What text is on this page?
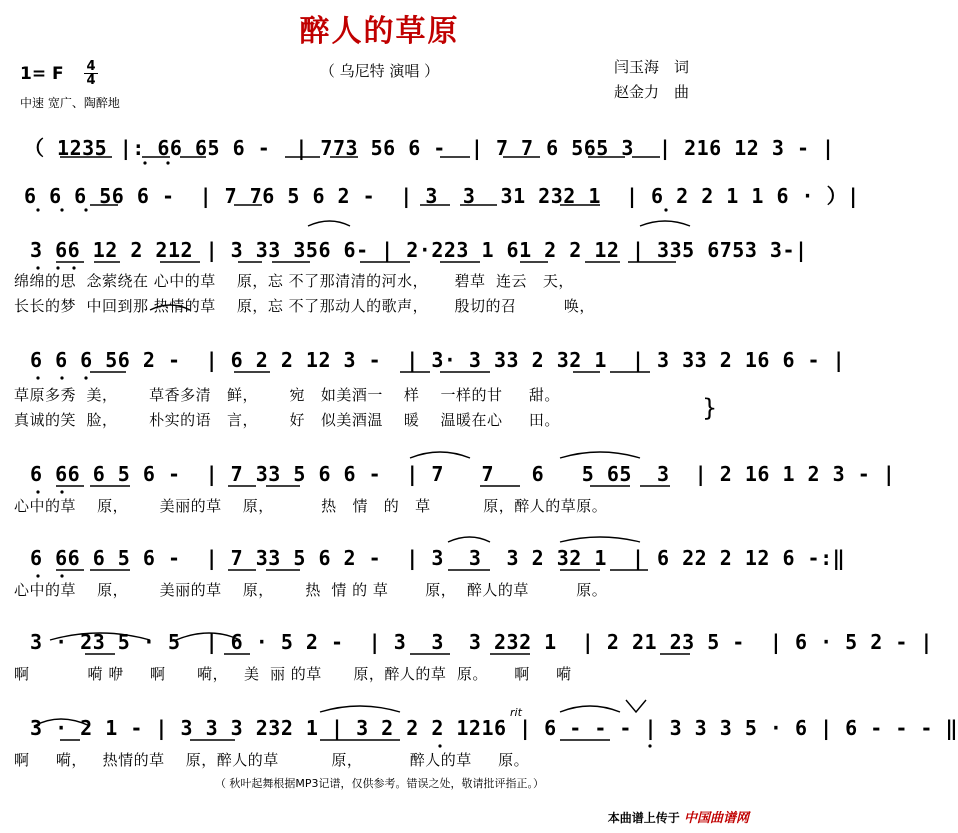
醉人的草原
（ 乌尼特 演唱 ）	闫玉海　词
赵金力　曲
1= F 4
4
中速 宽广、陶醉地
（ 1235 |: 66 65 6 -  | 773 56 6 -  | 7 7 6 565 3  | 216 12 3 - |
6 6 6 56 6 -  | 7 76 5 6 2 -  | 3  3  31 232 1  | 6 2 2 1 1 6 · ）|
3 66 12 2 212 | 3 33 356 6- | 2·223 1 61 2 2 12 | 335 6753 3-|
绵绵的思  念萦绕在 心中的草    原，忘 不了那清清的河水，     碧草  连云   天，
长长的梦  中回到那 热情的草    原，忘 不了那动人的歌声，     殷切的召         唤，
6 6 6 56 2 -  | 6 2 2 12 3 -  | 3· 3 33 2 32 1  | 3 33 2 16 6 - |
草原多秀  美，      草香多清   鲜，      宛   如美酒一    样    一样的甘     甜。
真诚的笑  脸，      朴实的语   言，      好   似美酒温    暖    温暖在心     田。	}
6 66 6 5 6 -  | 7 33 5 6 6 -  | 7   7   6   5 65  3  | 2 16 1 2 3 - |
心中的草    原，      美丽的草    原，         热   情   的   草          原，醉人的草原。
6 66 6 5 6 -  | 7 33 5 6 2 -  | 3  3  3 2 32 1  | 6 22 2 12 6 -:‖
心中的草    原，      美丽的草    原，      热  情 的 草       原，  醉人的草         原。
3 · 23 5 · 5  | 6 · 5 2 -  | 3  3  3 232 1  | 2 21 23 5 -  | 6 · 5 2 - |
啊           嗬 咿     啊      嗬，   美  丽 的草      原，醉人的草  原。     啊     嗬
rit
3 · 2 1 - | 3 3 3 232 1 | 3 2 2 2 1216 | 6 - - - | 3 3 3 5 · 6 | 6 - - - ‖
啊     嗬，   热情的草    原，醉人的草          原，         醉人的草     原。
（ 秋叶起舞根据MP3记谱，仅供参考。错误之处，敬请批评指正。）
本曲谱上传于 中国曲谱网
